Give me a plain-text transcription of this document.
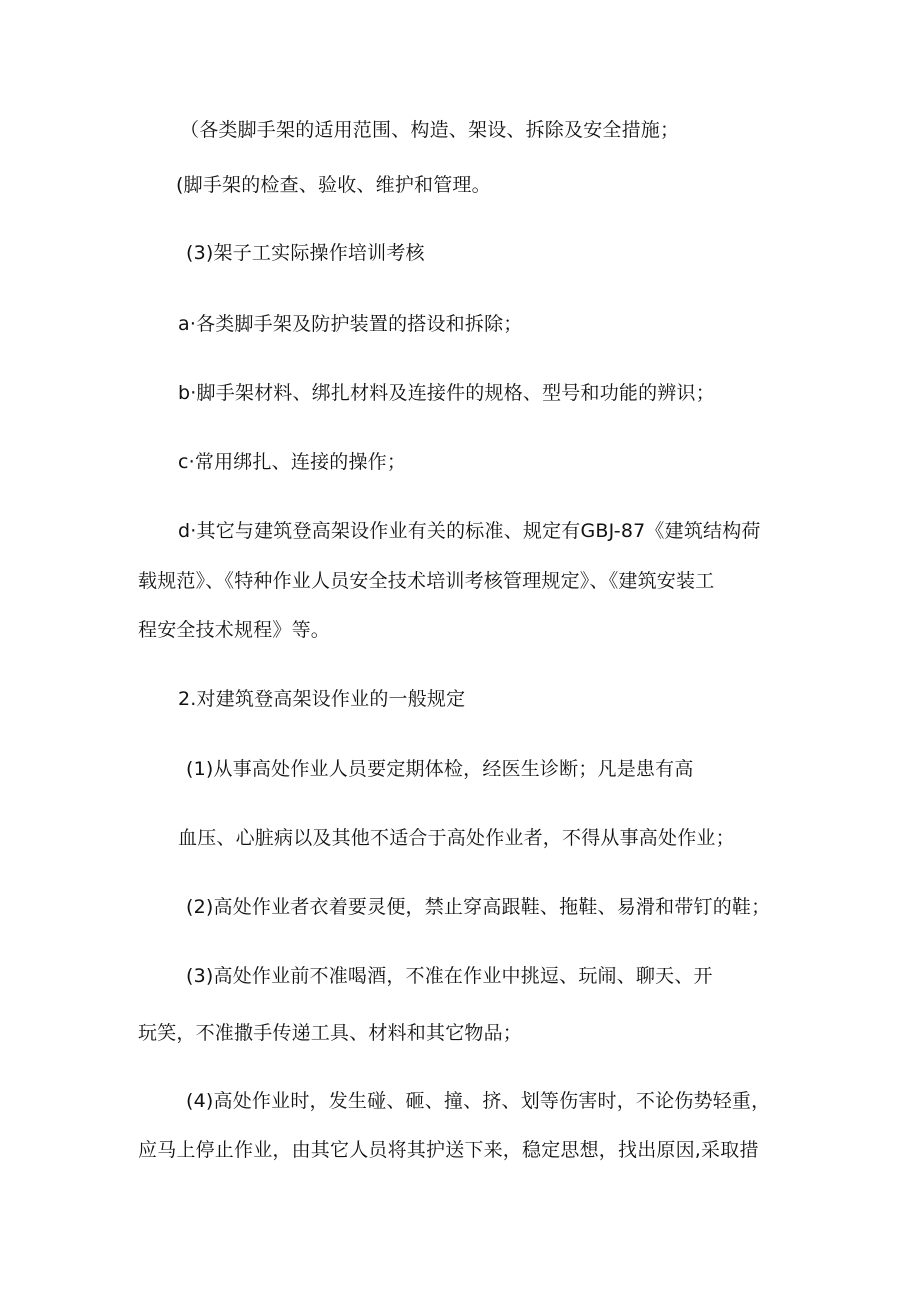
（各类脚手架的适用范围、构造、架设、拆除及安全措施；
(脚手架的检查、验收、维护和管理。
(3)架子工实际操作培训考核
a·各类脚手架及防护装置的搭设和拆除；
b·脚手架材料、绑扎材料及连接件的规格、型号和功能的辨识；
c·常用绑扎、连接的操作；
d·其它与建筑登高架设作业有关的标准、规定有GBJ-87《建筑结构荷
载规范》、《特种作业人员安全技术培训考核管理规定》、《建筑安装工
程安全技术规程》等。
2.对建筑登高架设作业的一般规定
(1)从事高处作业人员要定期体检，经医生诊断；凡是患有高
血压、心脏病以及其他不适合于高处作业者，不得从事高处作业；
(2)高处作业者衣着要灵便，禁止穿高跟鞋、拖鞋、易滑和带钉的鞋；
(3)高处作业前不准喝酒，不准在作业中挑逗、玩闹、聊天、开
玩笑，不准撒手传递工具、材料和其它物品；
(4)高处作业时，发生碰、砸、撞、挤、划等伤害时，不论伤势轻重，
应马上停止作业，由其它人员将其护送下来，稳定思想，找出原因,采取措
